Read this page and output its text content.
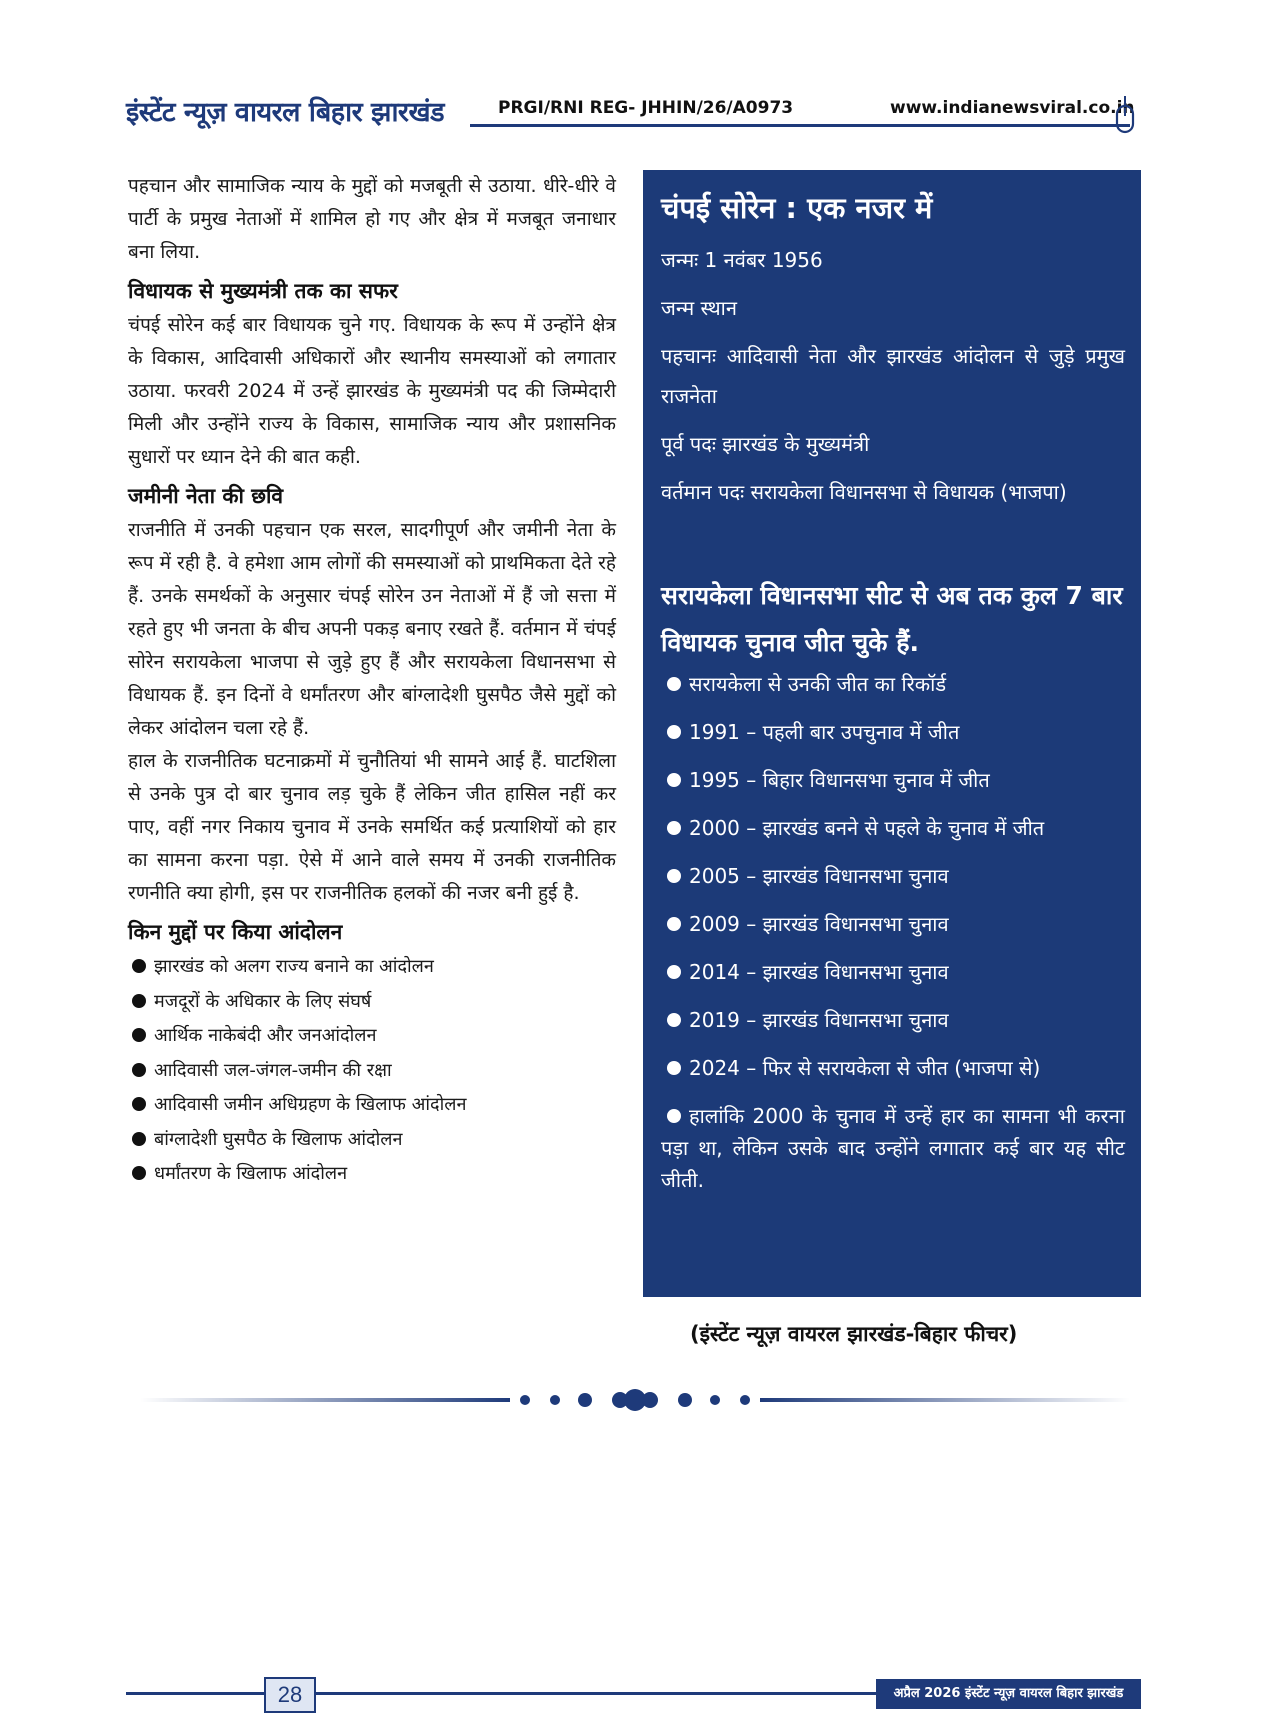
इंस्टेंट न्यूज़ वायरल बिहार झारखंड	PRGI/RNI REG- JHHIN/26/A0973	www.indianewsviral.co.in

पहचान और सामाजिक न्याय के मुद्दों को मजबूती से उठाया. धीरे-धीरे वे पार्टी के प्रमुख नेताओं में शामिल हो गए और क्षेत्र में मजबूत जनाधार बना लिया.

विधायक से मुख्यमंत्री तक का सफर

चंपई सोरेन कई बार विधायक चुने गए. विधायक के रूप में उन्होंने क्षेत्र के विकास, आदिवासी अधिकारों और स्थानीय समस्याओं को लगातार उठाया. फरवरी 2024 में उन्हें झारखंड के मुख्यमंत्री पद की जिम्मेदारी मिली और उन्होंने राज्य के विकास, सामाजिक न्याय और प्रशासनिक सुधारों पर ध्यान देने की बात कही.

जमीनी नेता की छवि

राजनीति में उनकी पहचान एक सरल, सादगीपूर्ण और जमीनी नेता के रूप में रही है. वे हमेशा आम लोगों की समस्याओं को प्राथमिकता देते रहे हैं. उनके समर्थकों के अनुसार चंपई सोरेन उन नेताओं में हैं जो सत्ता में रहते हुए भी जनता के बीच अपनी पकड़ बनाए रखते हैं. वर्तमान में चंपई सोरेन सरायकेला भाजपा से जुड़े हुए हैं और सरायकेला विधानसभा से विधायक हैं. इन दिनों वे धर्मांतरण और बांग्लादेशी घुसपैठ जैसे मुद्दों को लेकर आंदोलन चला रहे हैं.

हाल के राजनीतिक घटनाक्रमों में चुनौतियां भी सामने आई हैं. घाटशिला से उनके पुत्र दो बार चुनाव लड़ चुके हैं लेकिन जीत हासिल नहीं कर पाए, वहीं नगर निकाय चुनाव में उनके समर्थित कई प्रत्याशियों को हार का सामना करना पड़ा. ऐसे में आने वाले समय में उनकी राजनीतिक रणनीति क्या होगी, इस पर राजनीतिक हलकों की नजर बनी हुई है.

किन मुद्दों पर किया आंदोलन
झारखंड को अलग राज्य बनाने का आंदोलन
मजदूरों के अधिकार के लिए संघर्ष
आर्थिक नाकेबंदी और जनआंदोलन
आदिवासी जल-जंगल-जमीन की रक्षा
आदिवासी जमीन अधिग्रहण के खिलाफ आंदोलन
बांग्लादेशी घुसपैठ के खिलाफ आंदोलन
धर्मांतरण के खिलाफ आंदोलन
चंपई सोरेन : एक नजर में

जन्मः 1 नवंबर 1956

जन्म स्थान

पहचानः आदिवासी नेता और झारखंड आंदोलन से जुड़े प्रमुख राजनेता

पूर्व पदः झारखंड के मुख्यमंत्री

वर्तमान पदः सरायकेला विधानसभा से विधायक (भाजपा)

सरायकेला विधानसभा सीट से अब तक कुल 7 बार विधायक चुनाव जीत चुके हैं.
सरायकेला से उनकी जीत का रिकॉर्ड
1991 – पहली बार उपचुनाव में जीत
1995 – बिहार विधानसभा चुनाव में जीत
2000 – झारखंड बनने से पहले के चुनाव में जीत
2005 – झारखंड विधानसभा चुनाव
2009 – झारखंड विधानसभा चुनाव
2014 – झारखंड विधानसभा चुनाव
2019 – झारखंड विधानसभा चुनाव
2024 – फिर से सरायकेला से जीत (भाजपा से)
हालांकि 2000 के चुनाव में उन्हें हार का सामना भी करना पड़ा था, लेकिन उसके बाद उन्होंने लगातार कई बार यह सीट जीती.
(इंस्टेंट न्यूज़ वायरल झारखंड-बिहार फीचर)
28	अप्रैल 2026 इंस्टेंट न्यूज़ वायरल बिहार झारखंड
